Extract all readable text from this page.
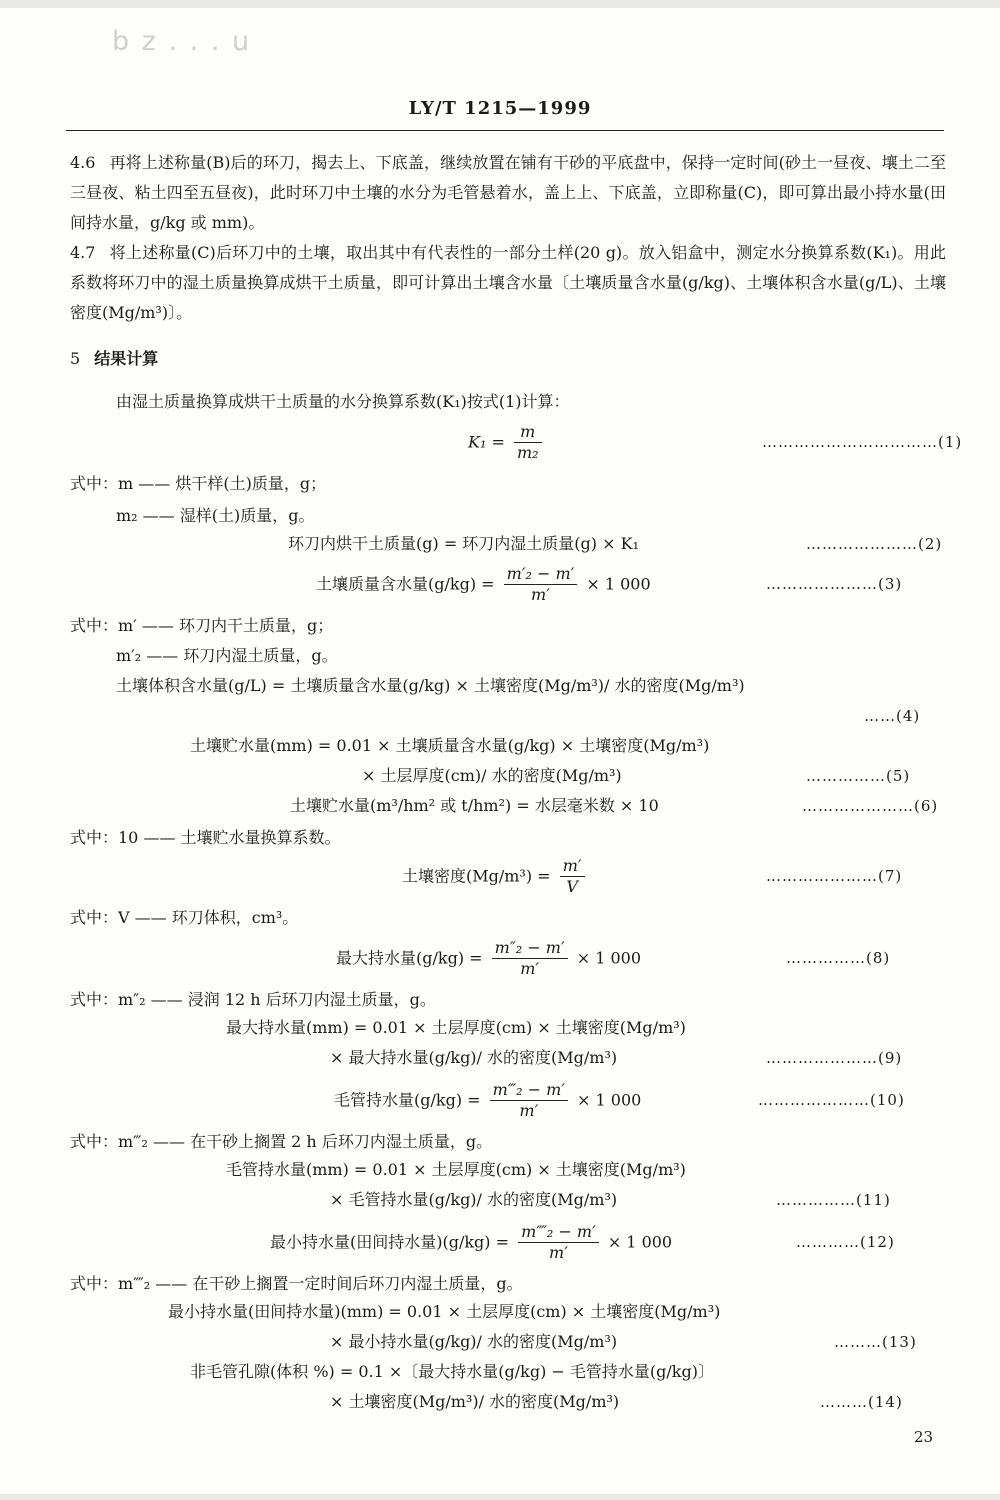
b z . . . u
LY/T 1215—1999
4.6 再将上述称量(B)后的环刀，揭去上、下底盖，继续放置在铺有干砂的平底盘中，保持一定时间(砂土一昼夜、壤土二至三昼夜、粘土四至五昼夜)，此时环刀中土壤的水分为毛管悬着水，盖上上、下底盖，立即称量(C)，即可算出最小持水量(田间持水量，g/kg 或 mm)。
4.7 将上述称量(C)后环刀中的土壤，取出其中有代表性的一部分土样(20 g)。放入铝盒中，测定水分换算系数(K₁)。用此系数将环刀中的湿土质量换算成烘干土质量，即可计算出土壤含水量〔土壤质量含水量(g/kg)、土壤体积含水量(g/L)、土壤密度(Mg/m³)〕。
5 结果计算
由湿土质量换算成烘干土质量的水分换算系数(K₁)按式(1)计算：
$K_1 = \frac{m}{\text{m₂}}$	……………………………(1)
式中：m —— 烘干样(土)质量，g；
m₂ —— 湿样(土)质量，g。
环刀内烘干土质量(g) = 环刀内湿土质量(g) × K₁	…………………(2)
土壤质量含水量$(g/kg) = \frac{\text{m′₂ − m′}}{m'} \times 1$ 000	…………………(3)
式中：m′ —— 环刀内干土质量，g；
m′₂ —— 环刀内湿土质量，g。
土壤体积含水量(g/L) = 土壤质量含水量(g/kg) × 土壤密度(Mg/m³)/ 水的密度(Mg/m³)
……(4)
土壤贮水量(mm) = 0.01 × 土壤质量含水量(g/kg) × 土壤密度(Mg/m³)
× 土层厚度(cm)/ 水的密度(Mg/m³)	……………(5)
土壤贮水量(m³/hm² 或 t/hm²) = 水层毫米数 × 10	…………………(6)
式中：10 —— 土壤贮水量换算系数。
土壤密度$(Mg/m^3) = \frac{m'}{V}$	…………………(7)
式中：V —— 环刀体积，cm³。
最大持水量$(g/kg) = \frac{\text{m″₂ − m′}}{m'} \times 1$ 000	……………(8)
式中：m″₂ —— 浸润 12 h 后环刀内湿土质量，g。
最大持水量(mm) = 0.01 × 土层厚度(cm) × 土壤密度(Mg/m³)
× 最大持水量(g/kg)/ 水的密度(Mg/m³)	…………………(9)
毛管持水量$(g/kg) = \frac{\text{m‴₂ − m′}}{m'} \times 1$ 000	…………………(10)
式中：m‴₂ —— 在干砂上搁置 2 h 后环刀内湿土质量，g。
毛管持水量(mm) = 0.01 × 土层厚度(cm) × 土壤密度(Mg/m³)
× 毛管持水量(g/kg)/ 水的密度(Mg/m³)	……………(11)
最小持水量(田间持水量)$(g/kg) = \frac{\text{m⁗₂ − m′}}{m'} \times 1$ 000	…………(12)
式中：m⁗₂ —— 在干砂上搁置一定时间后环刀内湿土质量，g。
最小持水量(田间持水量)(mm) = 0.01 × 土层厚度(cm) × 土壤密度(Mg/m³)
× 最小持水量(g/kg)/ 水的密度(Mg/m³)	………(13)
非毛管孔隙(体积 %) = 0.1 ×〔最大持水量(g/kg) − 毛管持水量(g/kg)〕
× 土壤密度(Mg/m³)/ 水的密度(Mg/m³)	………(14)
23
